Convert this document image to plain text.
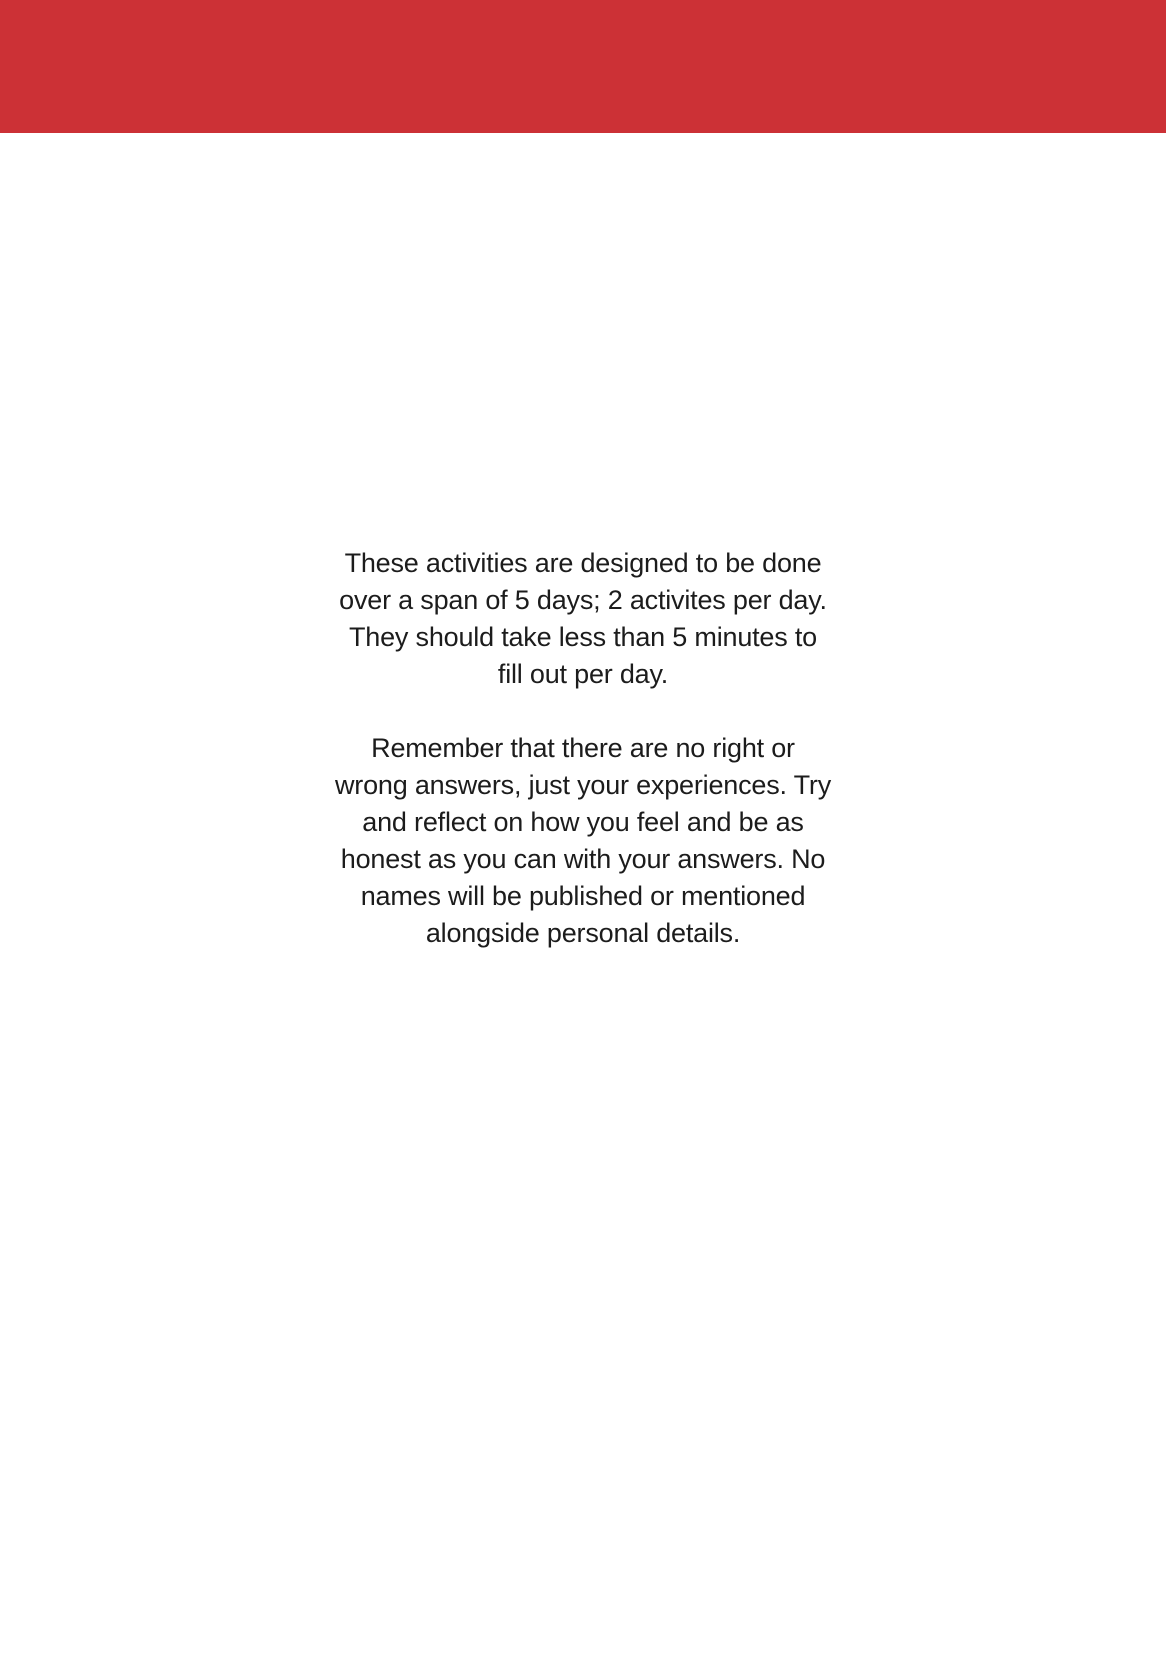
These activities are designed to be done
over a span of 5 days; 2 activites per day.
They should take less than 5 minutes to
fill out per day.

Remember that there are no right or
wrong answers, just your experiences. Try
and reflect on how you feel and be as
honest as you can with your answers. No
names will be published or mentioned
alongside personal details.
